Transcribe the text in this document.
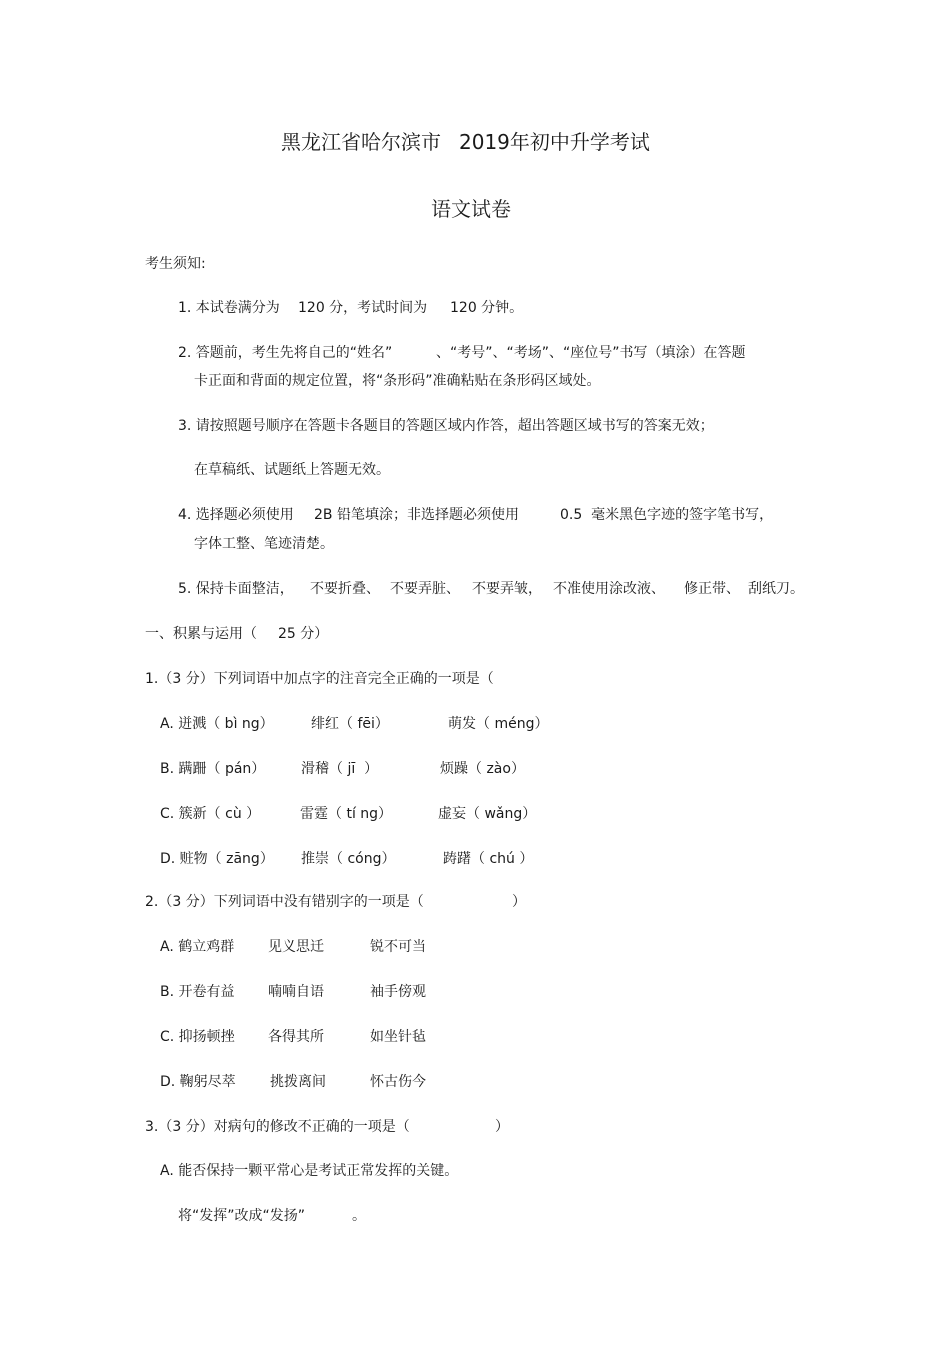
黑龙江省哈尔滨市 2019年初中升学考试
语文试卷
考生须知:
1. 本试卷满分为 120 分，考试时间为 120 分钟。
2. 答题前，考生先将自己的“姓名”	、“考号”、“考场”、“座位号”书写（填涂）在答题
卡正面和背面的规定位置，将“条形码”准确粘贴在条形码区域处。
3. 请按照题号顺序在答题卡各题目的答题区域内作答，超出答题区域书写的答案无效；
在草稿纸、试题纸上答题无效。
4. 选择题必须使用 2B 铅笔填涂；非选择题必须使用	0.5  毫米黑色字迹的签字笔书写，
字体工整、笔迹清楚。
5. 保持卡面整洁， 不要折叠、 不要弄脏、 不要弄皱， 不准使用涂改液、 修正带、 刮纸刀。
一、积累与运用（ 25 分）
1.（3 分）下列词语中加点字的注音完全正确的一项是（
A. 迸溅（ bì ng）	绯红（ fēi）	萌发（ méng）
B. 蹒跚（ pán）	滑稽（ jī  ）	烦躁（ zào）
C. 簇新（ cù ）	雷霆（ tí ng）	虚妄（ wǎng）
D. 赃物（ zāng） 推崇（ cóng）	踌躇（ chú ）
2.（3 分）下列词语中没有错别字的一项是（	）
A. 鹤立鸡群 见义思迁	锐不可当
B. 开卷有益 喃喃自语	袖手傍观
C. 抑扬顿挫 各得其所	如坐针毡
D. 鞠躬尽萃 挑拨离间	怀古伤今
3.（3 分）对病句的修改不正确的一项是（	）
A. 能否保持一颗平常心是考试正常发挥的关键。
将“发挥”改成“发扬”	。
